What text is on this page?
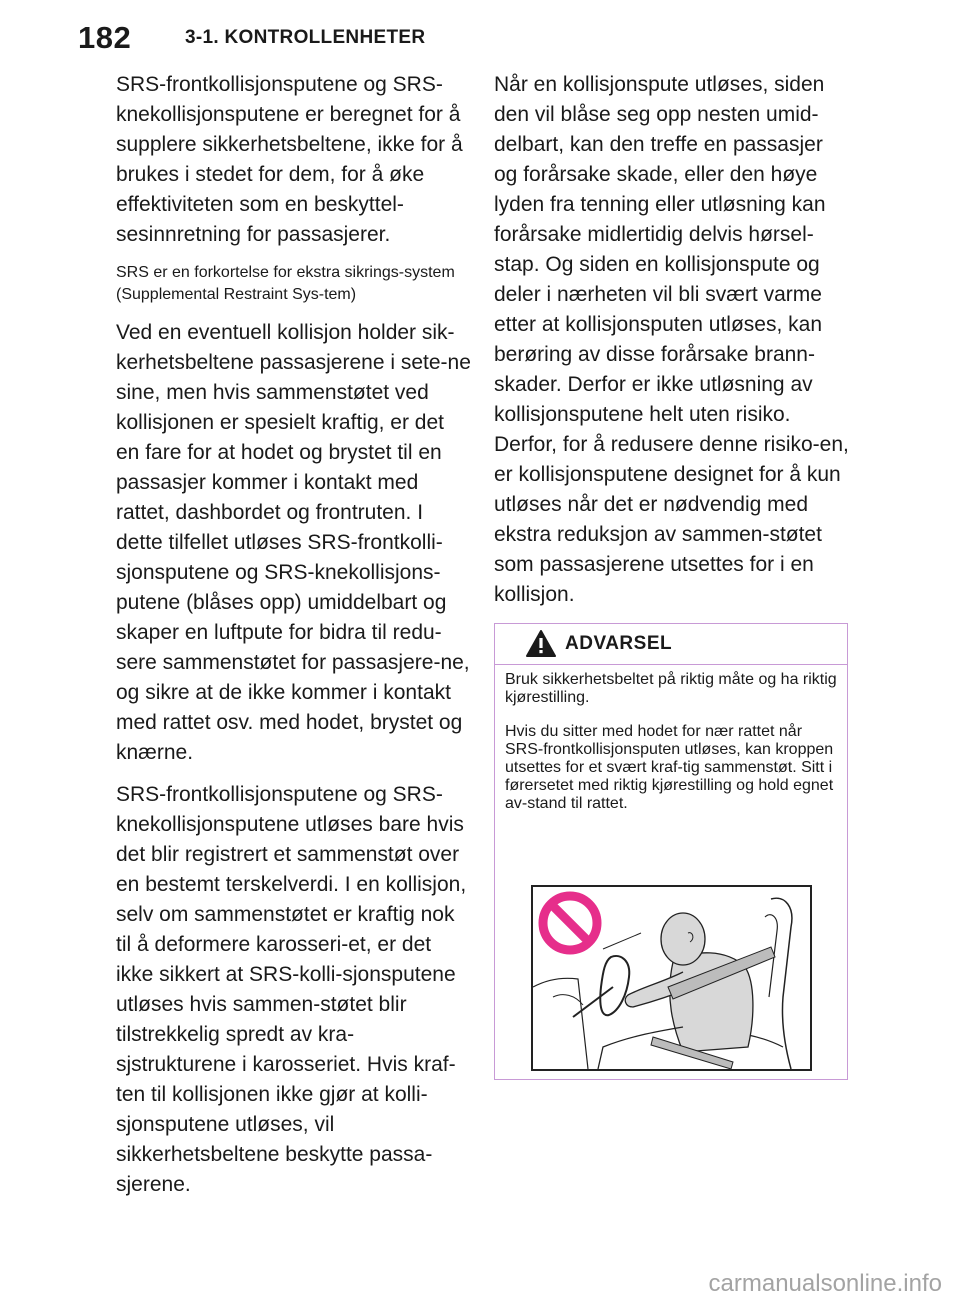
182	3-1. KONTROLLENHETER

SRS-frontkollisjonsputene og SRS-knekollisjonsputene er beregnet for å supplere sikkerhetsbeltene, ikke for å brukes i stedet for dem, for å øke effektiviteten som en beskyttel-sesinnretning for passasjerer.

SRS er en forkortelse for ekstra sikrings-system (Supplemental Restraint Sys-tem)

Ved en eventuell kollisjon holder sik-kerhetsbeltene passasjerene i sete-ne sine, men hvis sammenstøtet ved kollisjonen er spesielt kraftig, er det en fare for at hodet og brystet til en passasjer kommer i kontakt med rattet, dashbordet og frontruten. I dette tilfellet utløses SRS-frontkolli-sjonsputene og SRS-knekollisjons-putene (blåses opp) umiddelbart og skaper en luftpute for bidra til redu-sere sammenstøtet for passasjere-ne, og sikre at de ikke kommer i kontakt med rattet osv. med hodet, brystet og knærne.

SRS-frontkollisjonsputene og SRS-knekollisjonsputene utløses bare hvis det blir registrert et sammenstøt over en bestemt terskelverdi. I en kollisjon, selv om sammenstøtet er kraftig nok til å deformere karosseri-et, er det ikke sikkert at SRS-kolli-sjonsputene utløses hvis sammen-støtet blir tilstrekkelig spredt av kra-sjstrukturene i karosseriet. Hvis kraf-ten til kollisjonen ikke gjør at kolli-sjonsputene utløses, vil sikkerhetsbeltene beskytte passa-sjerene.

Når en kollisjonspute utløses, siden den vil blåse seg opp nesten umid-delbart, kan den treffe en passasjer og forårsake skade, eller den høye lyden fra tenning eller utløsning kan forårsake midlertidig delvis hørsel-stap. Og siden en kollisjonspute og deler i nærheten vil bli svært varme etter at kollisjonsputen utløses, kan berøring av disse forårsake brann-skader. Derfor er ikke utløsning av kollisjonsputene helt uten risiko. Derfor, for å redusere denne risiko-en, er kollisjonsputene designet for å kun utløses når det er nødvendig med ekstra reduksjon av sammen-støtet som passasjerene utsettes for i en kollisjon.

ADVARSEL

Bruk sikkerhetsbeltet på riktig måte og ha riktig kjørestilling.

Hvis du sitter med hodet for nær rattet når SRS-frontkollisjonsputen utløses, kan kroppen utsettes for et svært kraf-tig sammenstøt. Sitt i førersetet med riktig kjørestilling og hold egnet av-stand til rattet.

carmanualsonline.info
